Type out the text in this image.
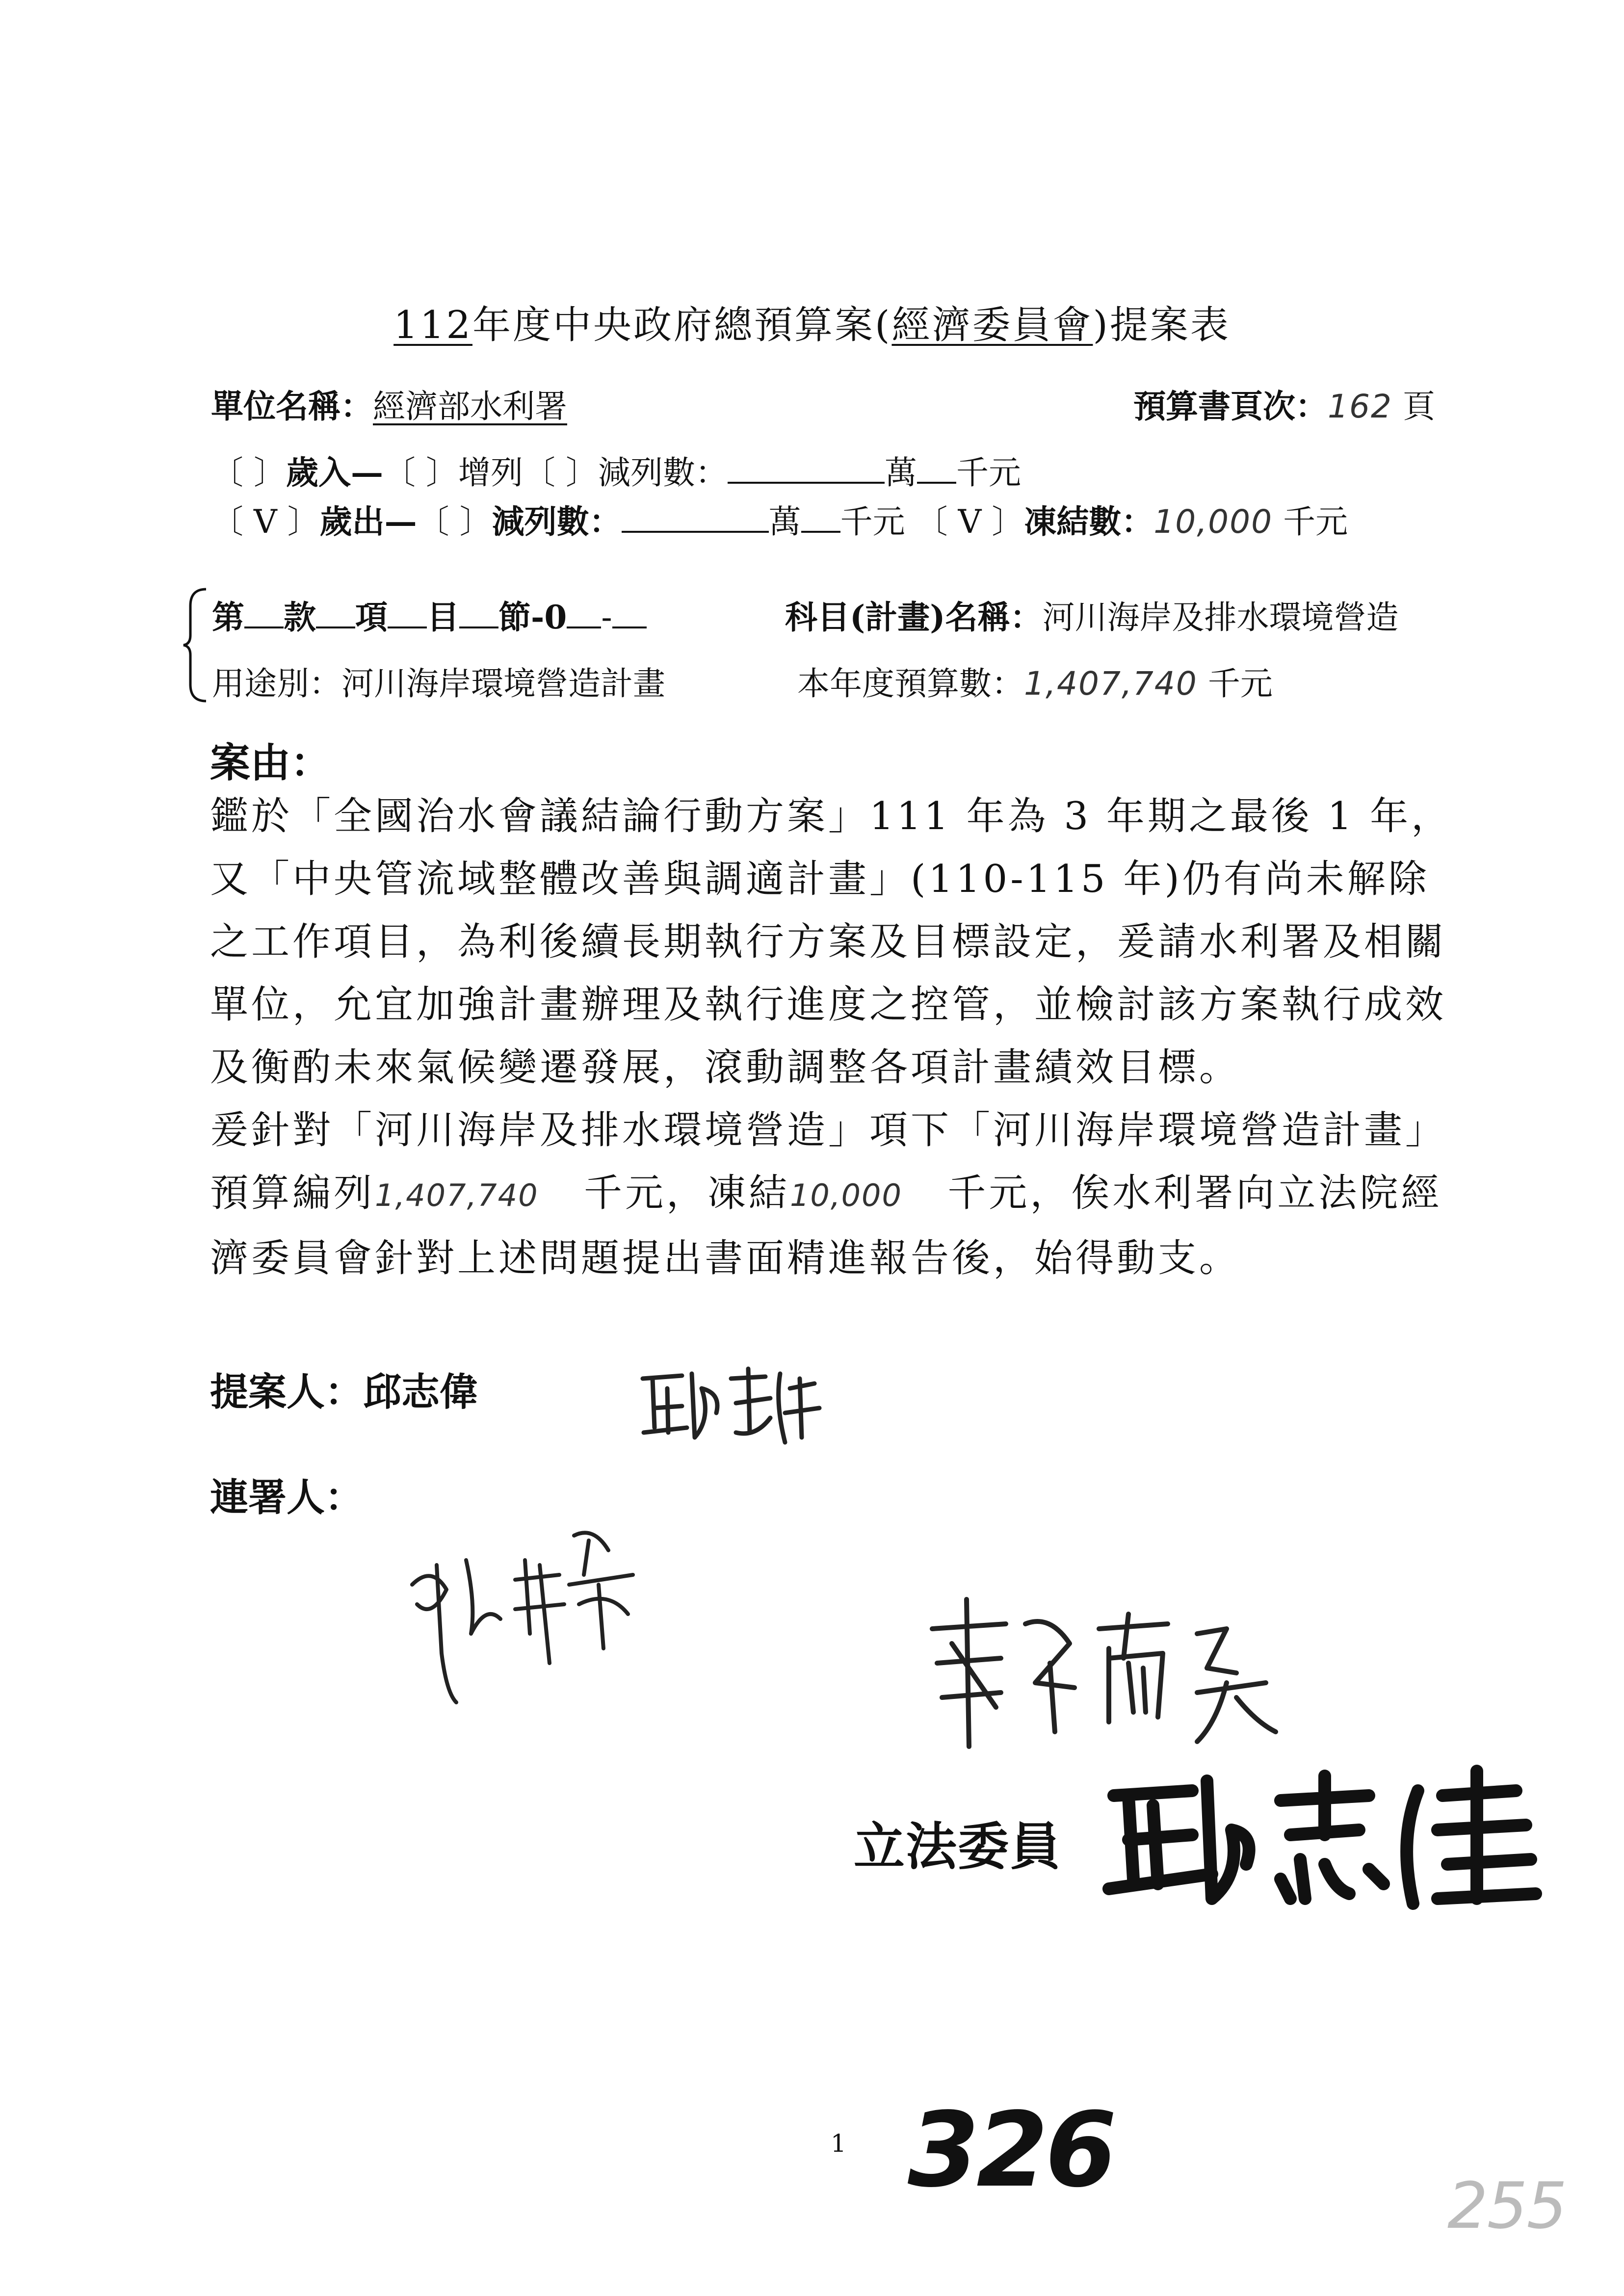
112年度中央政府總預算案(經濟委員會)提案表
單位名稱：經濟部水利署	預算書頁次：162 頁
〔 〕歲入—〔 〕增列〔 〕減列數：	萬 千元
〔 V 〕歲出—〔 〕減列數：	萬 千元 〔 V 〕凍結數：10,000 千元
第 款 項 目 節-0 -	科目(計畫)名稱：河川海岸及排水環境營造
用途別：河川海岸環境營造計畫	本年度預算數：1,407,740 千元
案由：
鑑於「全國治水會議結論行動方案」111 年為 3 年期之最後 1 年，又「中央管流域整體改善與調適計畫」(110-115 年)仍有尚未解除之工作項目，為利後續長期執行方案及目標設定，爰請水利署及相關單位，允宜加強計畫辦理及執行進度之控管，並檢討該方案執行成效及衡酌未來氣候變遷發展，滾動調整各項計畫績效目標。
爰針對「河川海岸及排水環境營造」項下「河川海岸環境營造計畫」預算編列1,407,740 千元，凍結10,000 千元，俟水利署向立法院經濟委員會針對上述問題提出書面精進報告後，始得動支。
提案人：邱志偉
連署人：
立法委員
1 326	255
